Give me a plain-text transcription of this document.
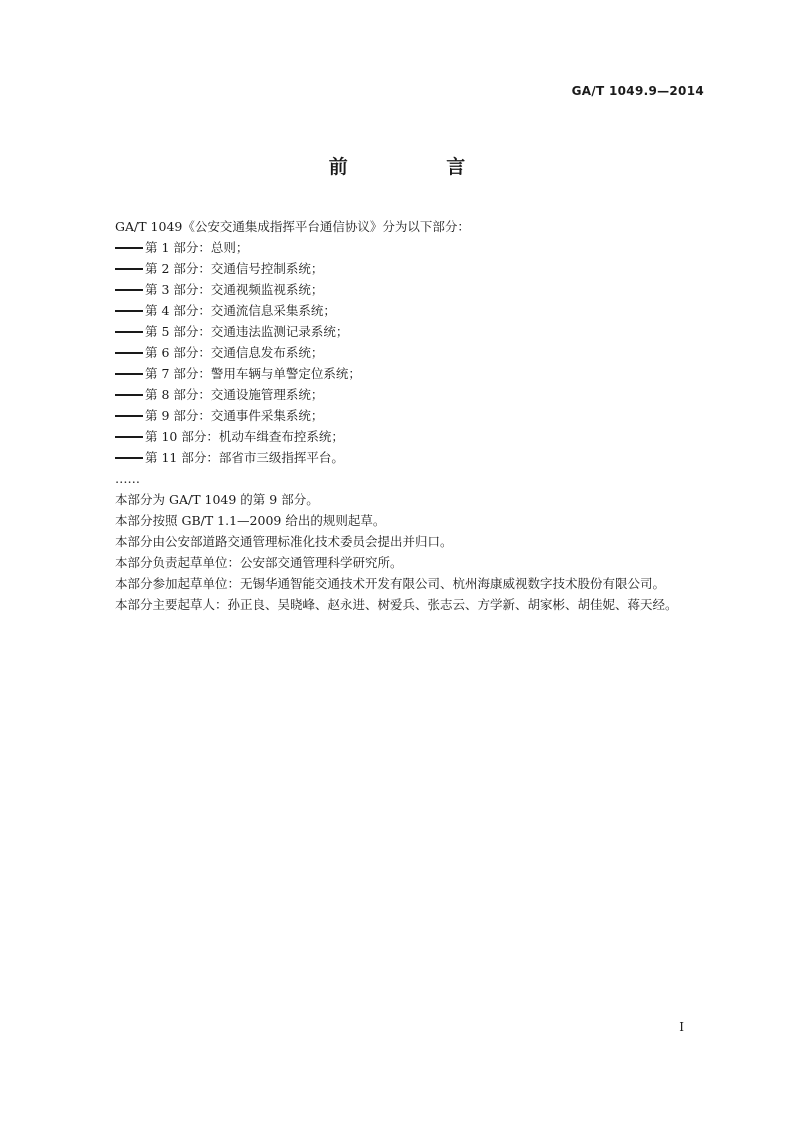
GA/T 1049.9—2014
前 言

GA/T 1049《公安交通集成指挥平台通信协议》分为以下部分：

第 1 部分：总则；

第 2 部分：交通信号控制系统；

第 3 部分：交通视频监视系统；

第 4 部分：交通流信息采集系统；

第 5 部分：交通违法监测记录系统；

第 6 部分：交通信息发布系统；

第 7 部分：警用车辆与单警定位系统；

第 8 部分：交通设施管理系统；

第 9 部分：交通事件采集系统；

第 10 部分：机动车缉查布控系统；

第 11 部分：部省市三级指挥平台。

……

本部分为 GA/T 1049 的第 9 部分。

本部分按照 GB/T 1.1—2009 给出的规则起草。

本部分由公安部道路交通管理标准化技术委员会提出并归口。

本部分负责起草单位：公安部交通管理科学研究所。

本部分参加起草单位：无锡华通智能交通技术开发有限公司、杭州海康威视数字技术股份有限公司。

本部分主要起草人：孙正良、吴晓峰、赵永进、树爱兵、张志云、方学新、胡家彬、胡佳妮、蒋天经。

I
